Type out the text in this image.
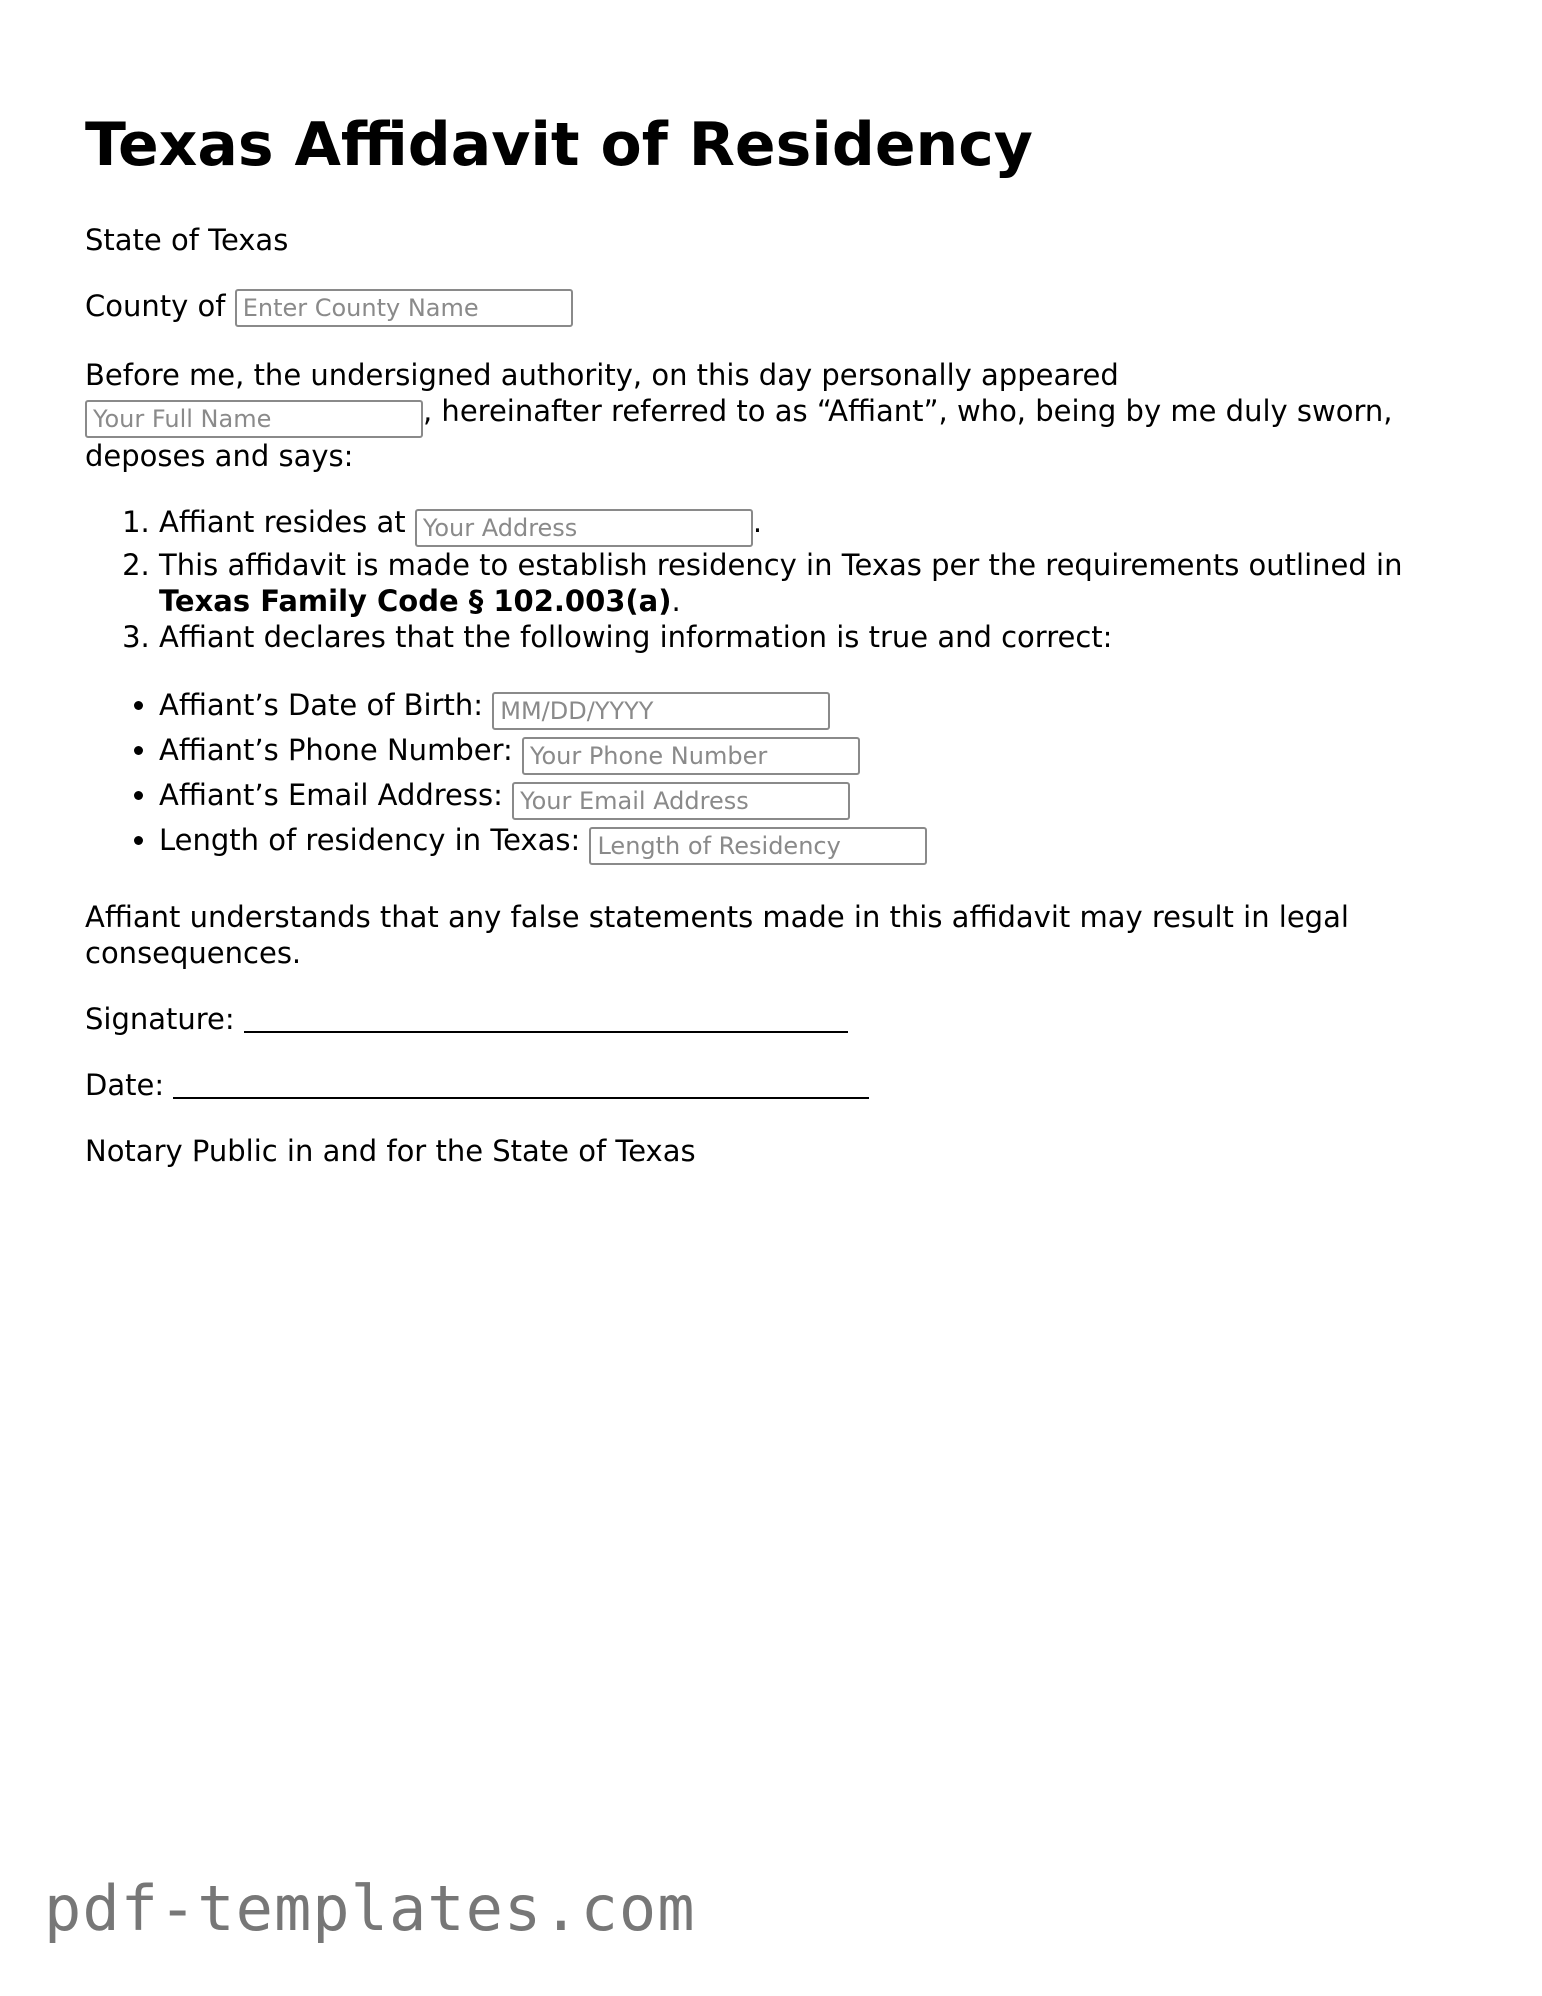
Texas Affidavit of Residency

State of Texas

County of Enter County Name

Before me, the undersigned authority, on this day personally appeared
Your Full Name, hereinafter referred to as “Affiant”, who, being by me duly sworn, deposes and says:
1. Affiant resides at Your Address	.
2. This affidavit is made to establish residency in Texas per the requirements outlined in Texas Family Code § 102.003(a).
3. Affiant declares that the following information is true and correct:
• Affiant’s Date of Birth: MM/DD/YYYY
• Affiant’s Phone Number: Your Phone Number
• Affiant’s Email Address: Your Email Address
• Length of residency in Texas: Length of Residency

Affiant understands that any false statements made in this affidavit may result in legal consequences.

Signature:

Date:

Notary Public in and for the State of Texas

pdf-templates.com
